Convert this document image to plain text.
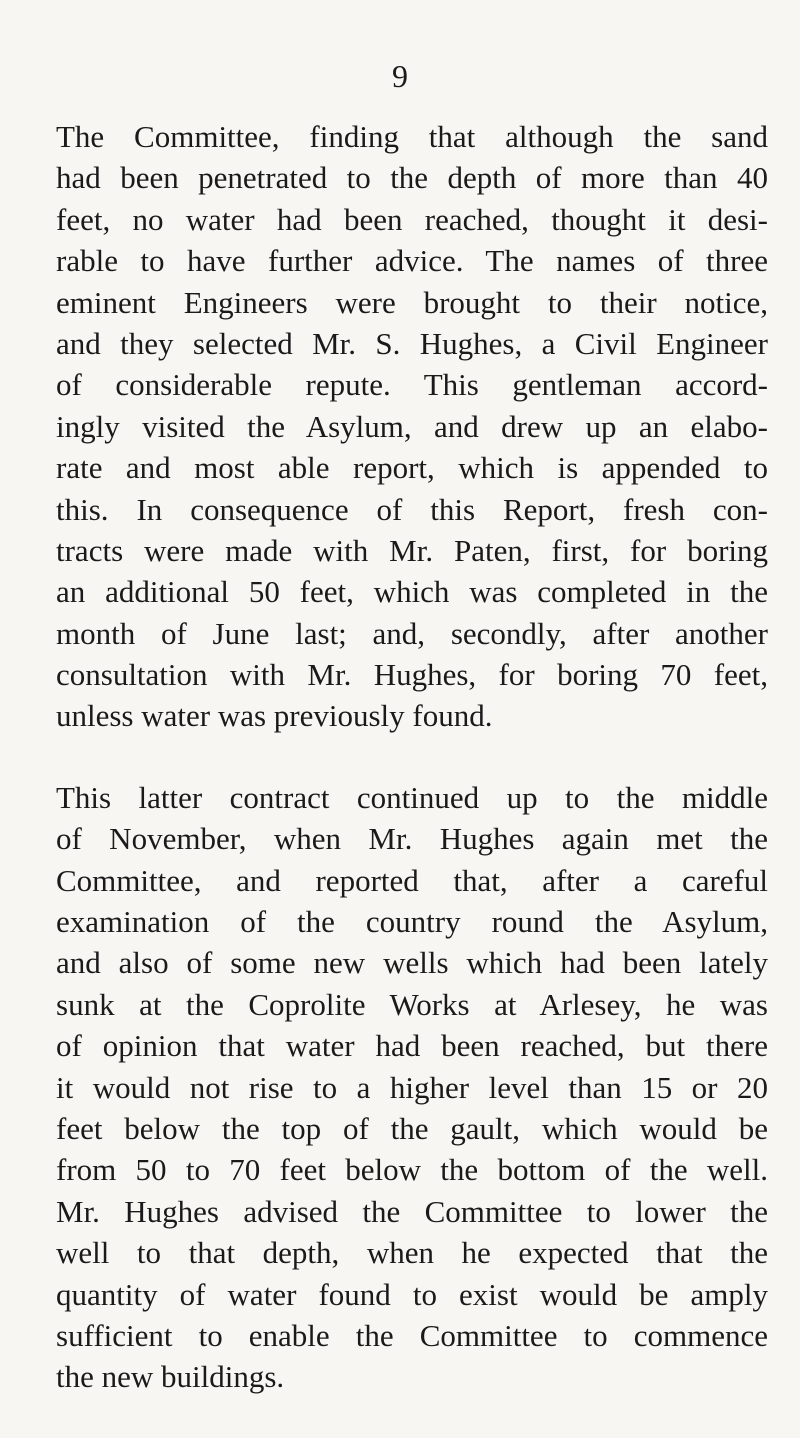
9
The Committee, finding that although the sand
had been penetrated to the depth of more than 40
feet, no water had been reached, thought it desi-
rable to have further advice. The names of three
eminent Engineers were brought to their notice,
and they selected Mr. S. Hughes, a Civil Engineer
of considerable repute. This gentleman accord-
ingly visited the Asylum, and drew up an elabo-
rate and most able report, which is appended to
this. In consequence of this Report, fresh con-
tracts were made with Mr. Paten, first, for boring
an additional 50 feet, which was completed in the
month of June last; and, secondly, after another
consultation with Mr. Hughes, for boring 70 feet,
unless water was previously found.
This latter contract continued up to the middle
of November, when Mr. Hughes again met the
Committee, and reported that, after a careful
examination of the country round the Asylum,
and also of some new wells which had been lately
sunk at the Coprolite Works at Arlesey, he was
of opinion that water had been reached, but there
it would not rise to a higher level than 15 or 20
feet below the top of the gault, which would be
from 50 to 70 feet below the bottom of the well.
Mr. Hughes advised the Committee to lower the
well to that depth, when he expected that the
quantity of water found to exist would be amply
sufficient to enable the Committee to commence
the new buildings.
